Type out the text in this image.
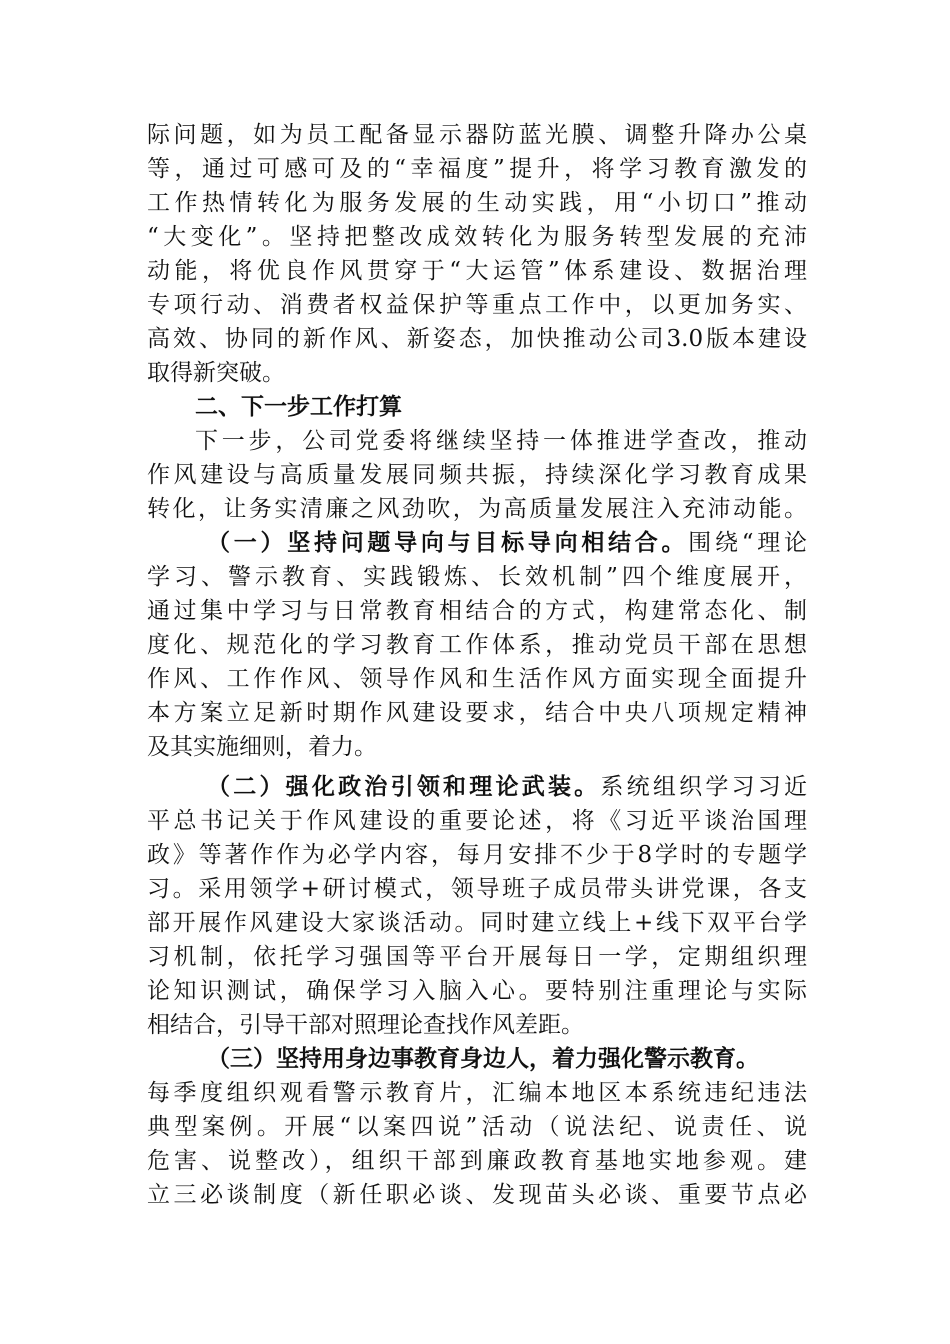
际问题，如为员工配备显示器防蓝光膜、调整升降办公桌
等，通过可感可及的“幸福度”提升，将学习教育激发的
工作热情转化为服务发展的生动实践，用“小切口”推动
“大变化”。坚持把整改成效转化为服务转型发展的充沛
动能，将优良作风贯穿于“大运管”体系建设、数据治理
专项行动、消费者权益保护等重点工作中，以更加务实、
高效、协同的新作风、新姿态，加快推动公司3.0版本建设
取得新突破。
二、下一步工作打算
下一步，公司党委将继续坚持一体推进学查改，推动
作风建设与高质量发展同频共振，持续深化学习教育成果
转化，让务实清廉之风劲吹，为高质量发展注入充沛动能。
（一）坚持问题导向与目标导向相结合。围绕“理论
学习、警示教育、实践锻炼、长效机制”四个维度展开，
通过集中学习与日常教育相结合的方式，构建常态化、制
度化、规范化的学习教育工作体系，推动党员干部在思想
作风、工作作风、领导作风和生活作风方面实现全面提升
本方案立足新时期作风建设要求，结合中央八项规定精神
及其实施细则，着力。
（二）强化政治引领和理论武装。系统组织学习习近
平总书记关于作风建设的重要论述，将《习近平谈治国理
政》等著作作为必学内容，每月安排不少于8学时的专题学
习。采用领学+研讨模式，领导班子成员带头讲党课，各支
部开展作风建设大家谈活动。同时建立线上+线下双平台学
习机制，依托学习强国等平台开展每日一学，定期组织理
论知识测试，确保学习入脑入心。要特别注重理论与实际
相结合，引导干部对照理论查找作风差距。
（三）坚持用身边事教育身边人，着力强化警示教育。
每季度组织观看警示教育片，汇编本地区本系统违纪违法
典型案例。开展“以案四说”活动（说法纪、说责任、说
危害、说整改），组织干部到廉政教育基地实地参观。建
立三必谈制度（新任职必谈、发现苗头必谈、重要节点必
